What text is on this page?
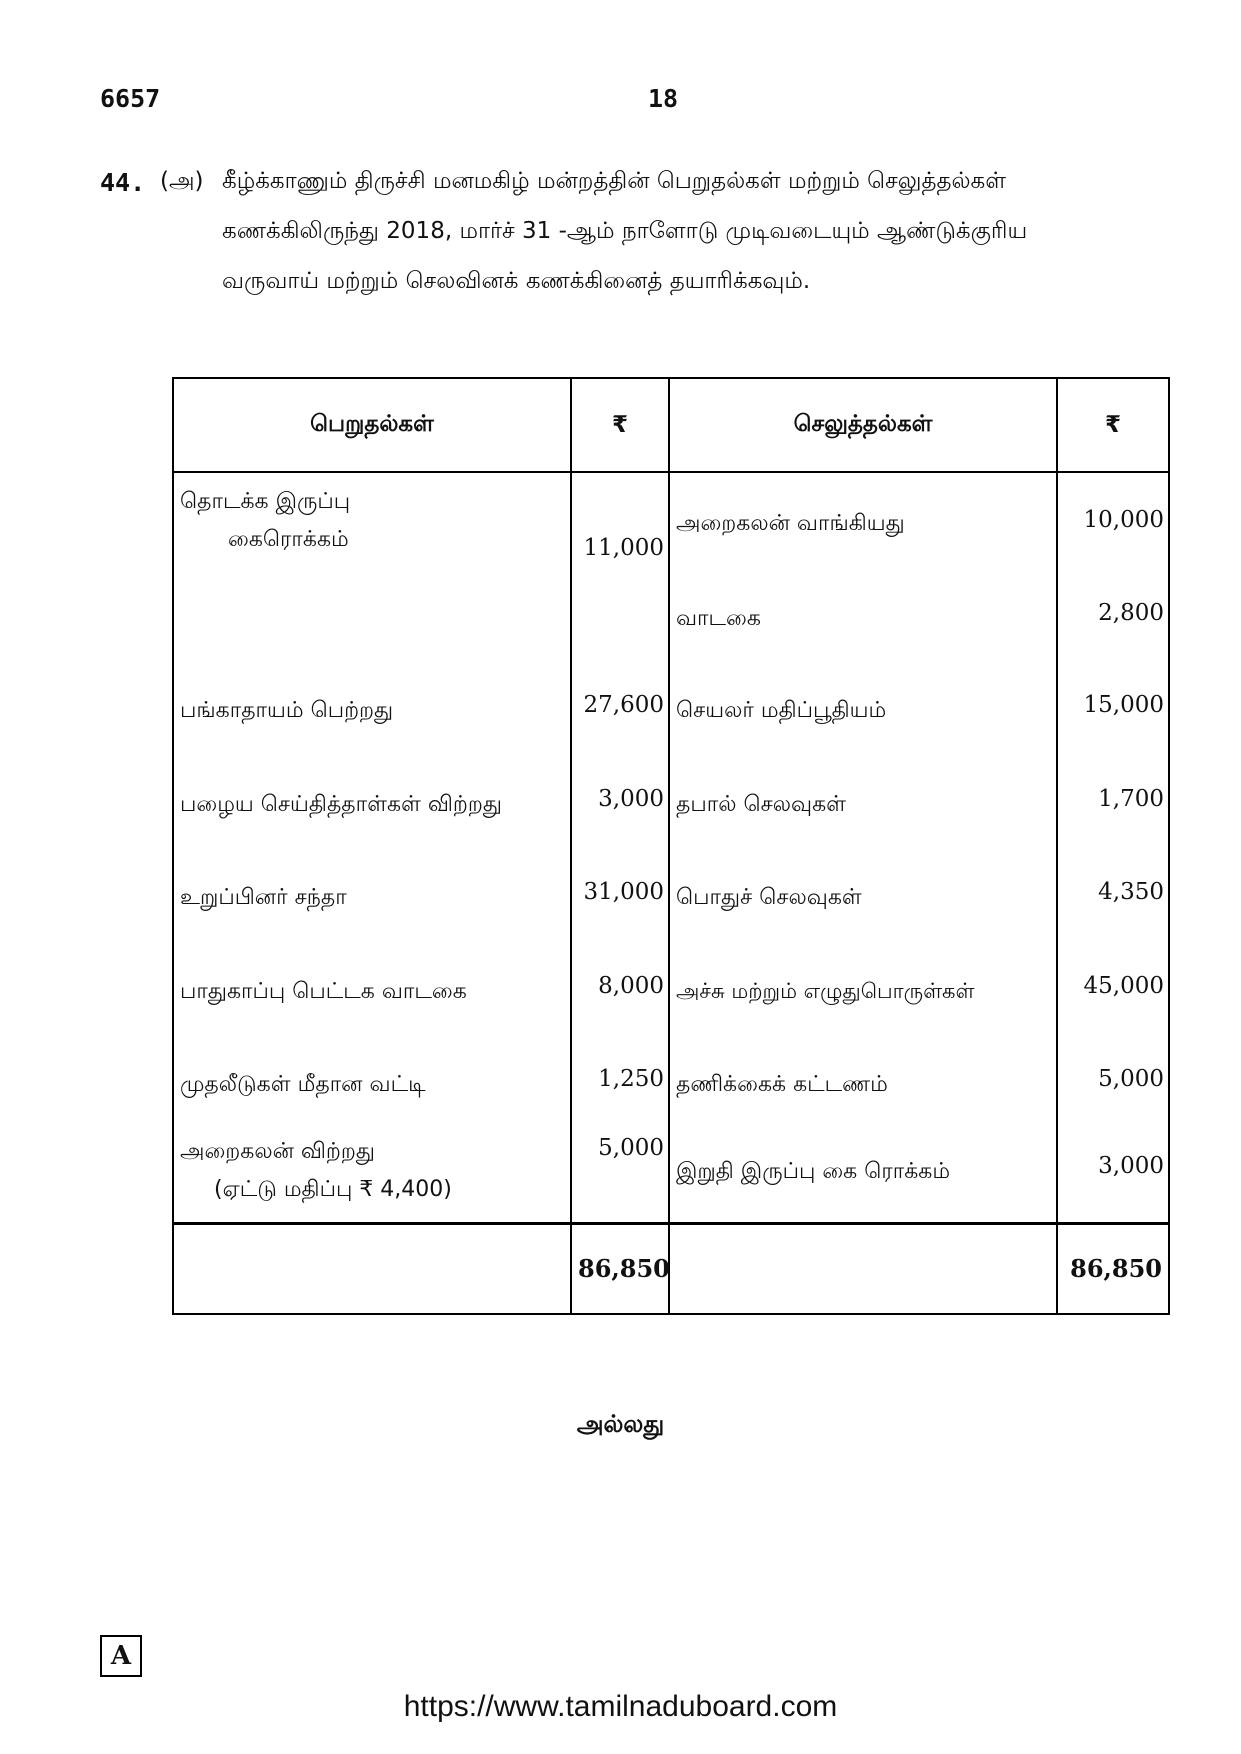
6657	18
44. (அ) கீழ்க்காணும் திருச்சி மனமகிழ் மன்றத்தின் பெறுதல்கள் மற்றும் செலுத்தல்கள்
கணக்கிலிருந்து 2018, மார்ச் 31 -ஆம் நாளோடு முடிவடையும் ஆண்டுக்குரிய
வருவாய் மற்றும் செலவினக் கணக்கினைத் தயாரிக்கவும்.
பெறுதல்கள்	₹	செலுத்தல்கள்	₹
தொடக்க இருப்பு
கைரொக்கம்	11,000	அறைகலன் வாங்கியது	10,000
		வாடகை	2,800
பங்காதாயம் பெற்றது	27,600	செயலர் மதிப்பூதியம்	15,000
பழைய செய்தித்தாள்கள் விற்றது	3,000	தபால் செலவுகள்	1,700
உறுப்பினர் சந்தா	31,000	பொதுச் செலவுகள்	4,350
பாதுகாப்பு பெட்டக வாடகை	8,000	அச்சு மற்றும் எழுதுபொருள்கள்	45,000
முதலீடுகள் மீதான வட்டி	1,250	தணிக்கைக் கட்டணம்	5,000
அறைகலன் விற்றது
(ஏட்டு மதிப்பு ₹ 4,400)	5,000	இறுதி இருப்பு கை ரொக்கம்	3,000
	86,850		86,850
அல்லது
A
https://www.tamilnaduboard.com
